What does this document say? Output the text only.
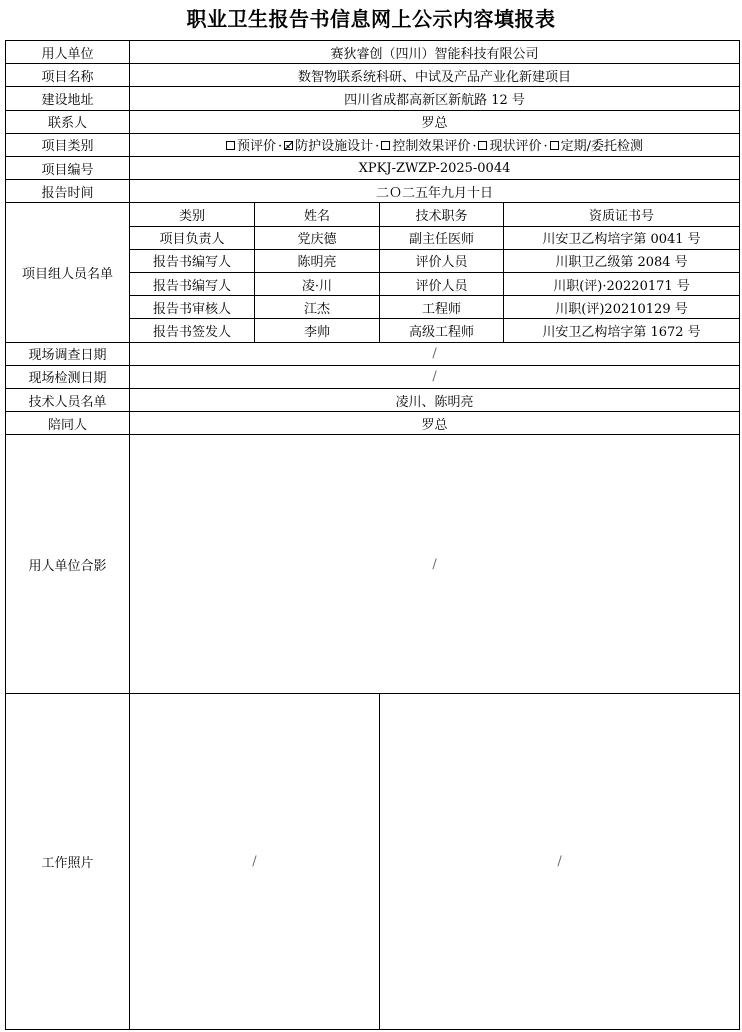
职业卫生报告书信息网上公示内容填报表
用人单位	赛狄睿创（四川）智能科技有限公司			
项目名称	数智物联系统科研、中试及产品产业化新建项目			
建设地址	四川省成都高新区新航路 12 号			
联系人	罗总			
项目类别	预评价 · 防护设施设计 · 控制效果评价 · 现状评价 · 定期/委托检测			
项目编号	XPKJ-ZWZP-2025-0044			
报告时间	二Ｏ二五年九月十日			
项目组人员名单	类别	姓名	技术职务	资质证书号
	项目负责人	党庆德	副主任医师	川安卫乙构培字第 0041 号
	报告书编写人	陈明亮	评价人员	川职卫乙级第 2084 号
	报告书编写人	凌·川	评价人员	川职(评)·20220171 号
	报告书审核人	江杰	工程师	川职(评)20210129 号
	报告书签发人	李帅	高级工程师	川安卫乙构培字第 1672 号
现场调查日期	/			
现场检测日期	/			
技术人员名单	凌川、陈明亮			
陪同人	罗总			
用人单位合影	/			
工作照片	/		/	
